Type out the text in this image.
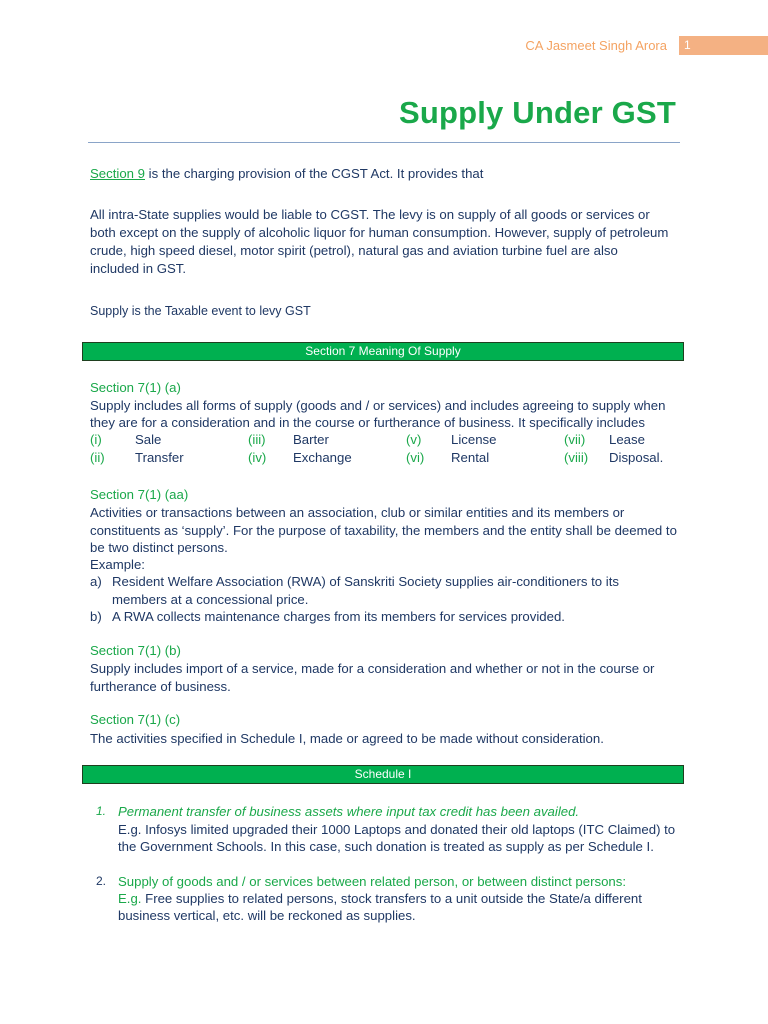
CA Jasmeet Singh Arora	1
Supply Under GST
Section 9 is the charging provision of the CGST Act. It provides that
All intra-State supplies would be liable to CGST. The levy is on supply of all goods or services or both except on the supply of alcoholic liquor for human consumption. However, supply of petroleum crude, high speed diesel, motor spirit (petrol), natural gas and aviation turbine fuel are also included in GST.
Supply is the Taxable event to levy GST
Section 7 Meaning Of Supply
Section 7(1) (a)
Supply includes all forms of supply (goods and / or services) and includes agreeing to supply when they are for a consideration and in the course or furtherance of business. It specifically includes
(i)	Sale
(ii) Transfer
(iii) Barter
(iv) Exchange
(v) License
(vi) Rental
(vii) Lease
(viii) Disposal.
Section 7(1) (aa)
Activities or transactions between an association, club or similar entities and its members or constituents as ‘supply’. For the purpose of taxability, the members and the entity shall be deemed to be two distinct persons.
Example:
a) Resident Welfare Association (RWA) of Sanskriti Society supplies air-conditioners to its members at a concessional price.
b) A RWA collects maintenance charges from its members for services provided.
Section 7(1) (b)
Supply includes import of a service, made for a consideration and whether or not in the course or furtherance of business.
Section 7(1) (c)
The activities specified in Schedule I, made or agreed to be made without consideration.
Schedule I
1. Permanent transfer of business assets where input tax credit has been availed.
E.g. Infosys limited upgraded their 1000 Laptops and donated their old laptops (ITC Claimed) to the Government Schools. In this case, such donation is treated as supply as per Schedule I.
2. Supply of goods and / or services between related person, or between distinct persons:
E.g. Free supplies to related persons, stock transfers to a unit outside the State/a different business vertical, etc. will be reckoned as supplies.
